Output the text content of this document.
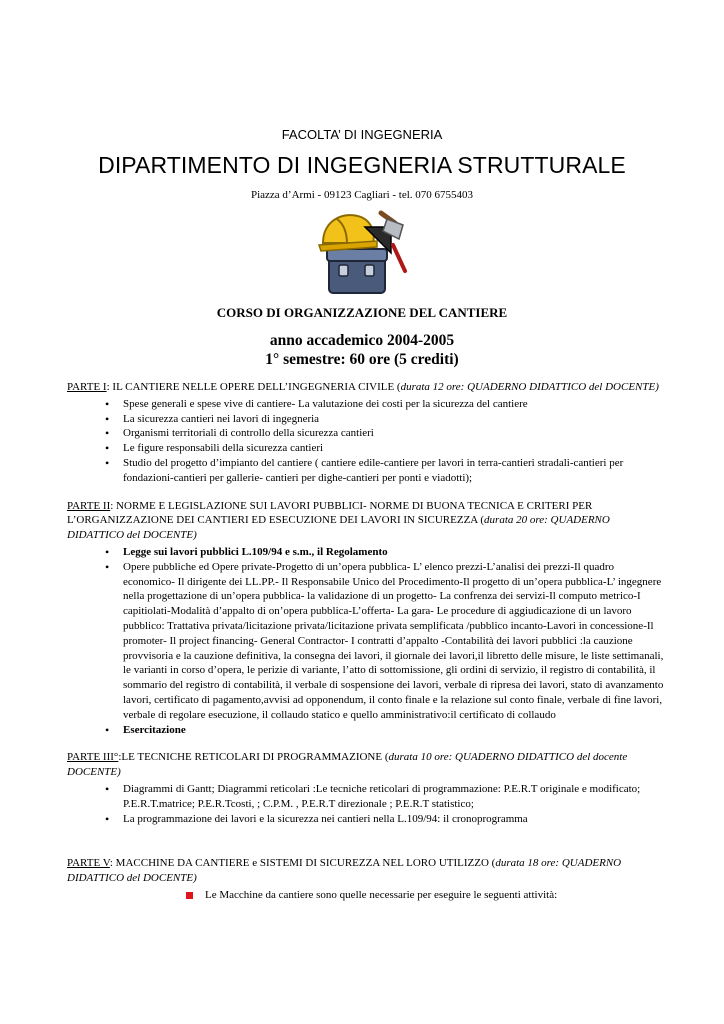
FACOLTA’ DI INGEGNERIA
DIPARTIMENTO DI INGEGNERIA STRUTTURALE
Piazza d’Armi - 09123 Cagliari - tel. 070 6755403
CORSO DI ORGANIZZAZIONE DEL CANTIERE
anno accademico 2004-2005
1° semestre: 60 ore (5 crediti)
PARTE I: IL CANTIERE NELLE OPERE DELL’INGEGNERIA CIVILE (durata 12 ore: QUADERNO DIDATTICO del DOCENTE)
• Spese generali e spese vive di cantiere- La valutazione dei costi per la sicurezza del cantiere
• La sicurezza cantieri nei lavori di ingegneria
• Organismi territoriali di controllo della sicurezza cantieri
• Le figure responsabili della sicurezza cantieri
• Studio del progetto d’impianto del cantiere ( cantiere edile-cantiere per lavori in terra-cantieri stradali-cantieri per fondazioni-cantieri per gallerie- cantieri per dighe-cantieri per ponti e viadotti);
PARTE II: NORME E LEGISLAZIONE SUI LAVORI PUBBLICI- NORME DI BUONA TECNICA E CRITERI PER L’ORGANIZZAZIONE DEI CANTIERI ED ESECUZIONE DEI LAVORI IN SICUREZZA (durata 20 ore: QUADERNO DIDATTICO del DOCENTE)
• Legge sui lavori pubblici L.109/94 e s.m., il Regolamento
• Opere pubbliche ed Opere private-Progetto di un’opera pubblica- L’ elenco prezzi-L’analisi dei prezzi-Il quadro economico- Il dirigente dei LL.PP.- Il Responsabile Unico del Procedimento-Il progetto di un’opera pubblica-L’ ingegnere nella progettazione di un’opera pubblica- la validazione di un progetto- La confrenza dei servizi-Il computo metrico-I capitiolati-Modalità d’appalto di on’opera pubblica-L’offerta- La gara- Le procedure di aggiudicazione di un lavoro pubblico: Trattativa privata/licitazione privata/licitazione privata semplificata /pubblico incanto-Lavori in concessione-Il promoter- Il project financing- General Contractor- I contratti d’appalto -Contabilità dei lavori pubblici :la cauzione provvisoria e la cauzione definitiva, la consegna dei lavori, il giornale dei lavori,il libretto delle misure, le liste settimanali, le varianti in corso d’opera, le perizie di variante, l’atto di sottomissione, gli ordini di servizio, il registro di contabilità, il sommario del registro di contabilità, il verbale di sospensione dei lavori, verbale di ripresa dei lavori, stato di avanzamento lavori, certificato di pagamento,avvisi ad opponendum, il conto finale e la relazione sul conto finale, verbale di fine lavori, verbale di regolare esecuzione, il collaudo statico e quello amministrativo:il certificato di collaudo
• Esercitazione
PARTE III°:LE TECNICHE RETICOLARI DI PROGRAMMAZIONE (durata 10 ore: QUADERNO DIDATTICO del docente DOCENTE)
• Diagrammi di Gantt; Diagrammi reticolari :Le tecniche reticolari di programmazione: P.E.R.T originale e modificato; P.E.R.T.matrice; P.E.R.Tcosti, ; C.P.M. , P.E.R.T direzionale ; P.E.R.T statistico;
• La programmazione dei lavori e la sicurezza nei cantieri nella L.109/94: il cronoprogramma
PARTE V: MACCHINE DA CANTIERE e SISTEMI DI SICUREZZA NEL LORO UTILIZZO (durata 18 ore: QUADERNO DIDATTICO del DOCENTE)
Le Macchine da cantiere sono quelle necessarie per eseguire le seguenti attività:
